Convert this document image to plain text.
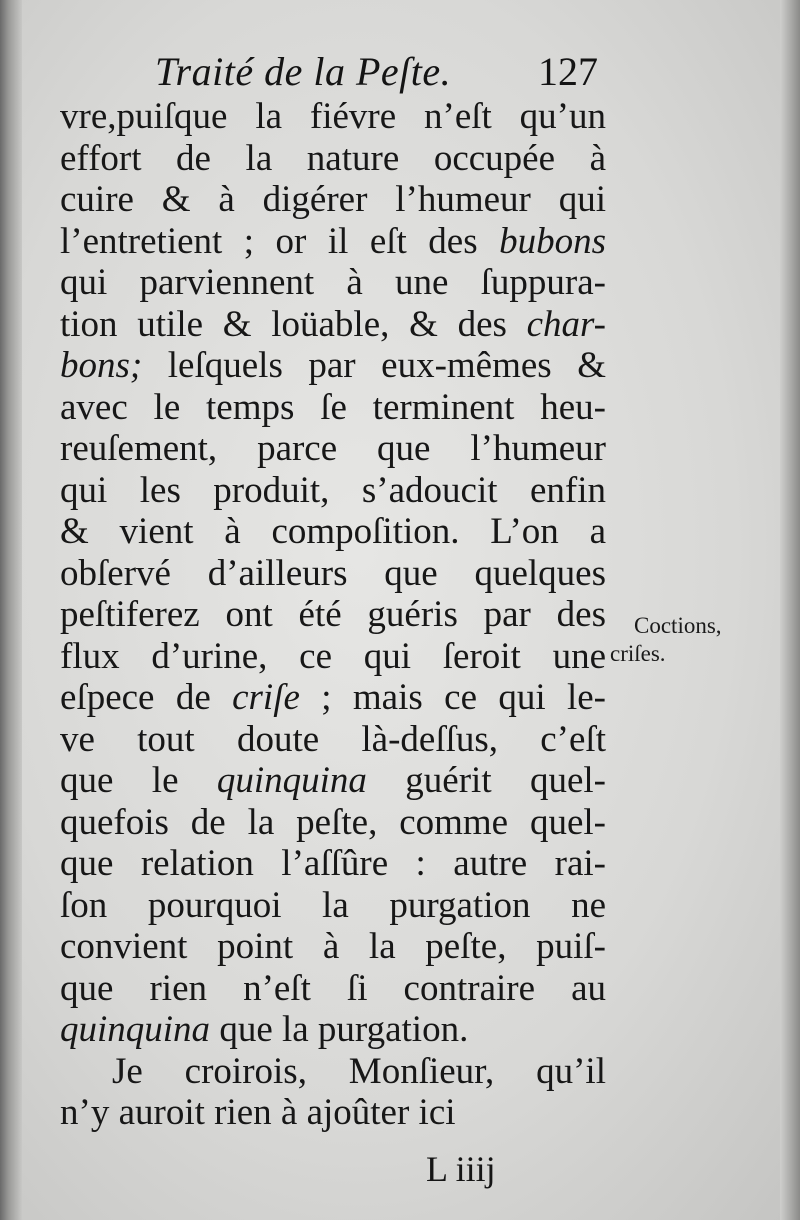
Traité de la Peſte. 127
vre,puiſque la fiévre n’eſt qu’un
effort de la nature occupée à
cuire & à digérer l’humeur qui
l’entretient ; or il eſt des bubons
qui parviennent à une ſuppura-
tion utile & loüable, & des char-
bons; leſquels par eux-mêmes &
avec le temps ſe terminent heu-
reuſement, parce que l’humeur
qui les produit, s’adoucit enfin
& vient à compoſition. L’on a
obſervé d’ailleurs que quelques
peſtiferez ont été guéris par des
flux d’urine, ce qui ſeroit une
eſpece de criſe ; mais ce qui le-
ve tout doute là-deſſus, c’eſt
que le quinquina guérit quel-
quefois de la peſte, comme quel-
que relation l’aſſûre : autre rai-
ſon pourquoi la purgation ne
convient point à la peſte, puiſ-
que rien n’eſt ſi contraire au
quinquina que la purgation.
Je croirois, Monſieur, qu’il
n’y auroit rien à ajoûter ici
Coctions,
criſes.
L iiij
